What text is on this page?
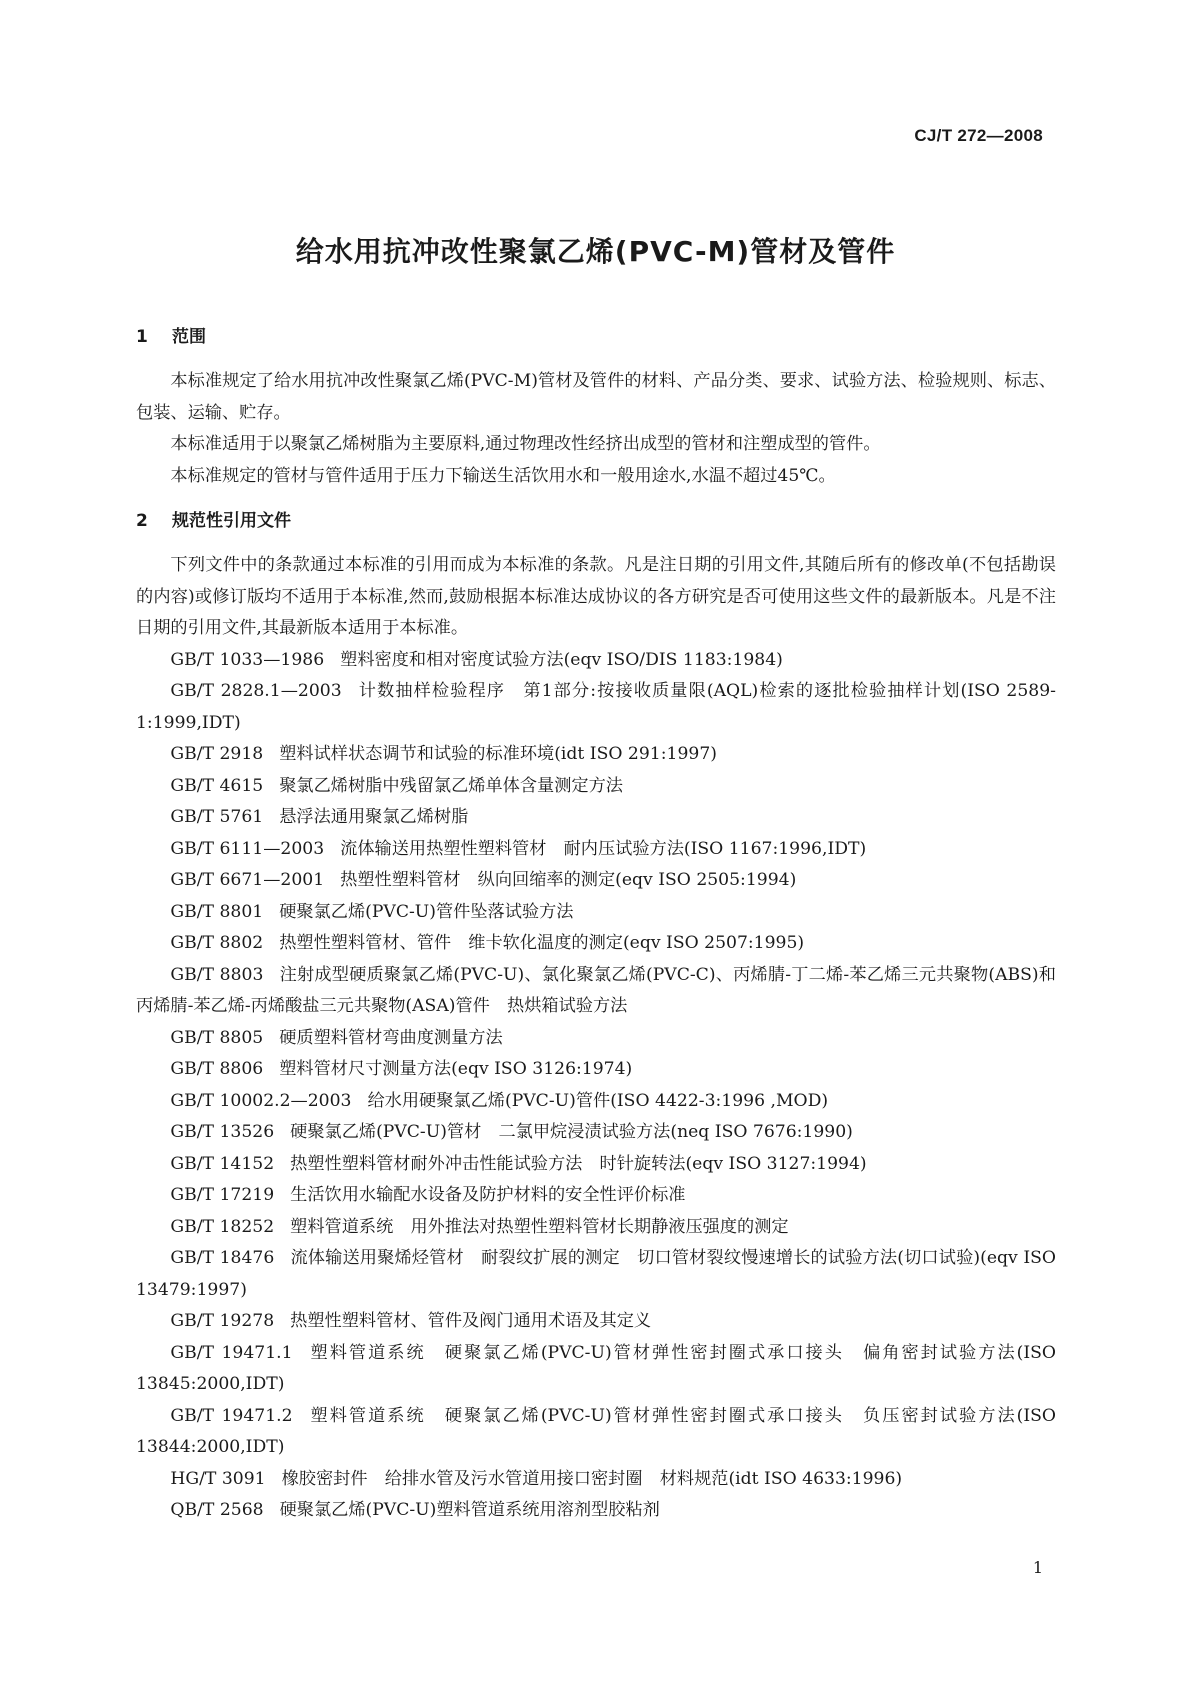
CJ/T 272—2008
给水用抗冲改性聚氯乙烯(PVC-M)管材及管件
1 范围

本标准规定了给水用抗冲改性聚氯乙烯(PVC-M)管材及管件的材料、产品分类、要求、试验方法、检验规则、标志、包装、运输、贮存。

本标准适用于以聚氯乙烯树脂为主要原料,通过物理改性经挤出成型的管材和注塑成型的管件。

本标准规定的管材与管件适用于压力下输送生活饮用水和一般用途水,水温不超过45℃。

2 规范性引用文件

下列文件中的条款通过本标准的引用而成为本标准的条款。凡是注日期的引用文件,其随后所有的修改单(不包括勘误的内容)或修订版均不适用于本标准,然而,鼓励根据本标准达成协议的各方研究是否可使用这些文件的最新版本。凡是不注日期的引用文件,其最新版本适用于本标准。

GB/T 1033—1986 塑料密度和相对密度试验方法(eqv ISO/DIS 1183:1984)

GB/T 2828.1—2003 计数抽样检验程序　第1部分:按接收质量限(AQL)检索的逐批检验抽样计划(ISO 2589-1:1999,IDT)

GB/T 2918 塑料试样状态调节和试验的标准环境(idt ISO 291:1997)

GB/T 4615 聚氯乙烯树脂中残留氯乙烯单体含量测定方法

GB/T 5761 悬浮法通用聚氯乙烯树脂

GB/T 6111—2003 流体输送用热塑性塑料管材　耐内压试验方法(ISO 1167:1996,IDT)

GB/T 6671—2001 热塑性塑料管材　纵向回缩率的测定(eqv ISO 2505:1994)

GB/T 8801 硬聚氯乙烯(PVC-U)管件坠落试验方法

GB/T 8802 热塑性塑料管材、管件　维卡软化温度的测定(eqv ISO 2507:1995)

GB/T 8803 注射成型硬质聚氯乙烯(PVC-U)、氯化聚氯乙烯(PVC-C)、丙烯腈-丁二烯-苯乙烯三元共聚物(ABS)和丙烯腈-苯乙烯-丙烯酸盐三元共聚物(ASA)管件　热烘箱试验方法

GB/T 8805 硬质塑料管材弯曲度测量方法

GB/T 8806 塑料管材尺寸测量方法(eqv ISO 3126:1974)

GB/T 10002.2—2003 给水用硬聚氯乙烯(PVC-U)管件(ISO 4422-3:1996 ,MOD)

GB/T 13526 硬聚氯乙烯(PVC-U)管材　二氯甲烷浸渍试验方法(neq ISO 7676:1990)

GB/T 14152 热塑性塑料管材耐外冲击性能试验方法　时针旋转法(eqv ISO 3127:1994)

GB/T 17219 生活饮用水输配水设备及防护材料的安全性评价标准

GB/T 18252 塑料管道系统　用外推法对热塑性塑料管材长期静液压强度的测定

GB/T 18476 流体输送用聚烯烃管材　耐裂纹扩展的测定　切口管材裂纹慢速增长的试验方法(切口试验)(eqv ISO 13479:1997)

GB/T 19278 热塑性塑料管材、管件及阀门通用术语及其定义

GB/T 19471.1 塑料管道系统　硬聚氯乙烯(PVC-U)管材弹性密封圈式承口接头　偏角密封试验方法(ISO 13845:2000,IDT)

GB/T 19471.2 塑料管道系统　硬聚氯乙烯(PVC-U)管材弹性密封圈式承口接头　负压密封试验方法(ISO 13844:2000,IDT)

HG/T 3091 橡胶密封件　给排水管及污水管道用接口密封圈　材料规范(idt ISO 4633:1996)

QB/T 2568 硬聚氯乙烯(PVC-U)塑料管道系统用溶剂型胶粘剂

1
